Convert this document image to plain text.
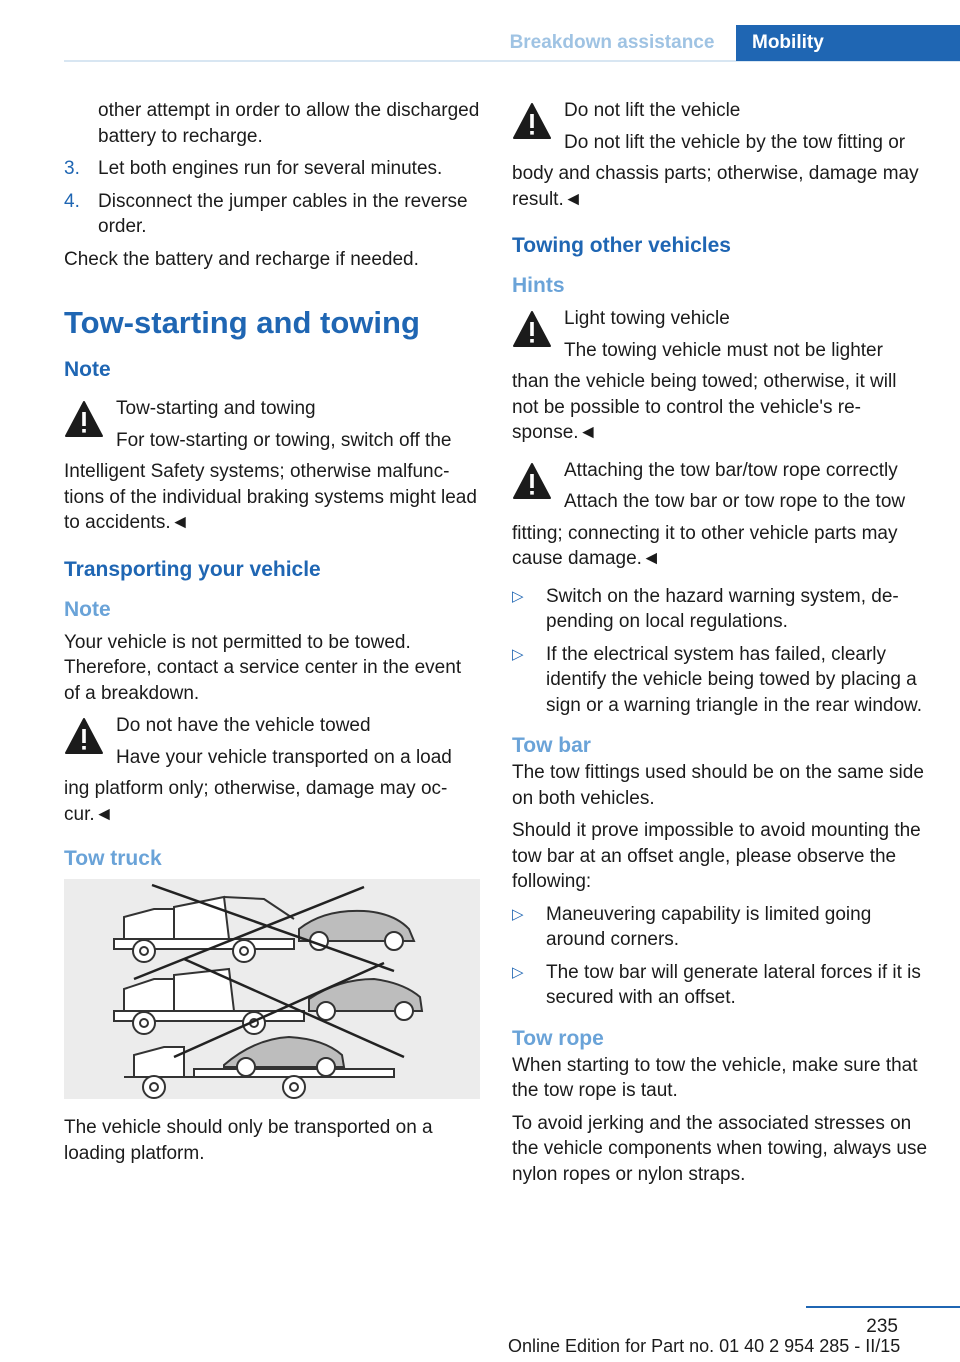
Breakdown assistance	Mobility

other attempt in order to allow the discharged battery to recharge.

3. Let both engines run for several minutes.
4. Disconnect the jumper cables in the reverse order.

Check the battery and recharge if needed.

Tow-starting and towing
Note
Tow-starting and towing
For tow-starting or towing, switch off the
Intelligent Safety systems; otherwise malfunctions of the individual braking systems might lead to accidents.◄
Transporting your vehicle
Note

Your vehicle is not permitted to be towed. Therefore, contact a service center in the event of a breakdown.

Do not have the vehicle towed
Have your vehicle transported on a load
ing platform only; otherwise, damage may occur.◄
Tow truck

The vehicle should only be transported on a loading platform.

Do not lift the vehicle
Do not lift the vehicle by the tow fitting or
body and chassis parts; otherwise, damage may result.◄
Towing other vehicles
Hints
Light towing vehicle
The towing vehicle must not be lighter
than the vehicle being towed; otherwise, it will not be possible to control the vehicle's response.◄
Attaching the tow bar/tow rope correctly
Attach the tow bar or tow rope to the tow
fitting; connecting it to other vehicle parts may cause damage.◄
▷	Switch on the hazard warning system, depending on local regulations.
▷	If the electrical system has failed, clearly identify the vehicle being towed by placing a sign or a warning triangle in the rear window.
Tow bar

The tow fittings used should be on the same side on both vehicles.

Should it prove impossible to avoid mounting the tow bar at an offset angle, please observe the following:

▷	Maneuvering capability is limited going around corners.
▷	The tow bar will generate lateral forces if it is secured with an offset.
Tow rope

When starting to tow the vehicle, make sure that the tow rope is taut.

To avoid jerking and the associated stresses on the vehicle components when towing, always use nylon ropes or nylon straps.

235
Online Edition for Part no. 01 40 2 954 285 - II/15
